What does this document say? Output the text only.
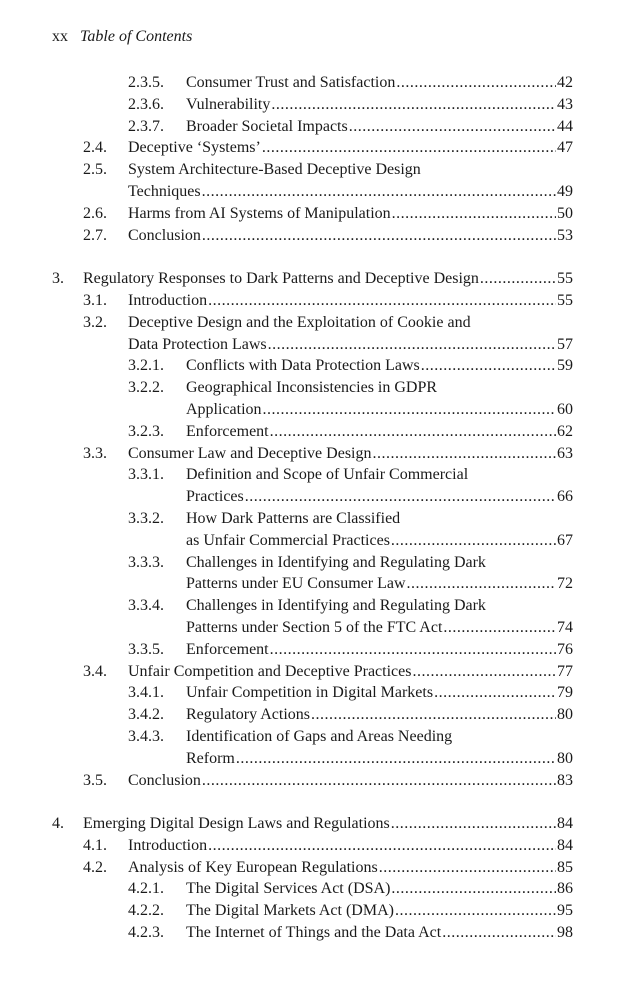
xx Table of Contents
2.3.5. Consumer Trust and Satisfaction .....	42
2.3.6. Vulnerability .....	43
2.3.7. Broader Societal Impacts .....	44
2.4. Deceptive ‘Systems’ .....	47
2.5. System Architecture-Based Deceptive Design
Techniques .....	49
2.6. Harms from AI Systems of Manipulation .....	50
2.7. Conclusion .....	53
3. Regulatory Responses to Dark Patterns and Deceptive Design .....	55
3.1. Introduction .....	55
3.2. Deceptive Design and the Exploitation of Cookie and
Data Protection Laws .....	57
3.2.1. Conflicts with Data Protection Laws .....	59
3.2.2. Geographical Inconsistencies in GDPR
Application .....	60
3.2.3. Enforcement .....	62
3.3. Consumer Law and Deceptive Design .....	63
3.3.1. Definition and Scope of Unfair Commercial
Practices .....	66
3.3.2. How Dark Patterns are Classified
as Unfair Commercial Practices .....	67
3.3.3. Challenges in Identifying and Regulating Dark
Patterns under EU Consumer Law .....	72
3.3.4. Challenges in Identifying and Regulating Dark
Patterns under Section 5 of the FTC Act .....	74
3.3.5. Enforcement .....	76
3.4. Unfair Competition and Deceptive Practices .....	77
3.4.1. Unfair Competition in Digital Markets .....	79
3.4.2. Regulatory Actions .....	80
3.4.3. Identification of Gaps and Areas Needing
Reform .....	80
3.5. Conclusion .....	83
4. Emerging Digital Design Laws and Regulations .....	84
4.1. Introduction .....	84
4.2. Analysis of Key European Regulations .....	85
4.2.1. The Digital Services Act (DSA) .....	86
4.2.2. The Digital Markets Act (DMA) .....	95
4.2.3. The Internet of Things and the Data Act .....	98
